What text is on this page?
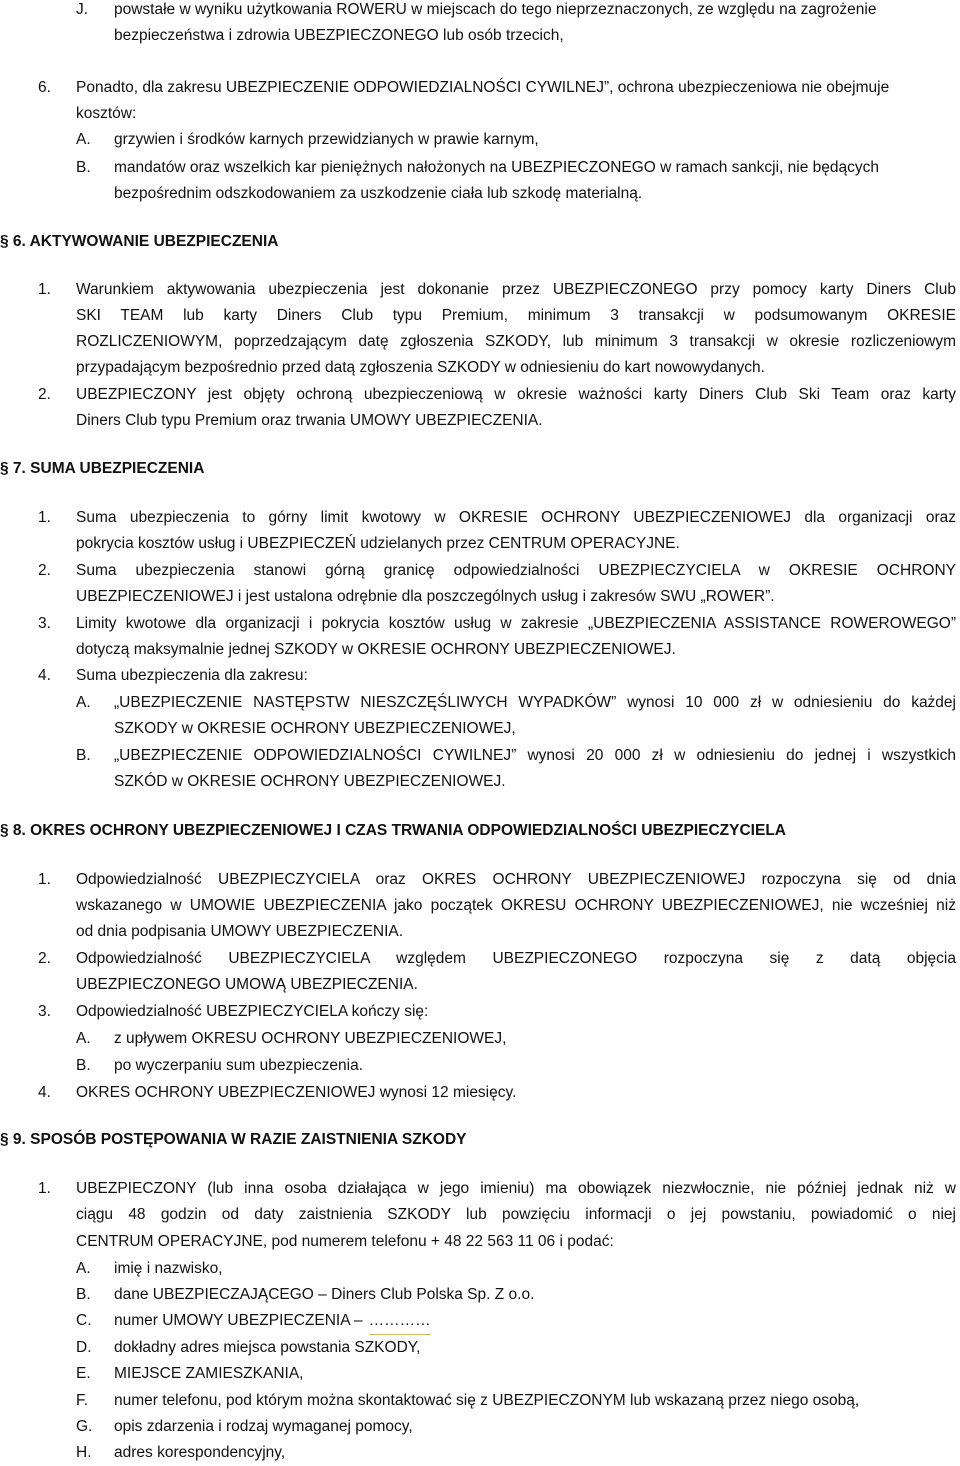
J.	powstałe w wyniku użytkowania ROWERU w miejscach do tego nieprzeznaczonych, ze względu na zagrożenie
bezpieczeństwa i zdrowia UBEZPIECZONEGO lub osób trzecich,
6.	Ponadto, dla zakresu UBEZPIECZENIE ODPOWIEDZIALNOŚCI CYWILNEJ”, ochrona ubezpieczeniowa nie obejmuje
kosztów:
A.	grzywien i środków karnych przewidzianych w prawie karnym,
B.	mandatów oraz wszelkich kar pieniężnych nałożonych na UBEZPIECZONEGO w ramach sankcji, nie będących
bezpośrednim odszkodowaniem za uszkodzenie ciała lub szkodę materialną.
§ 6. AKTYWOWANIE UBEZPIECZENIA
1.	Warunkiem aktywowania ubezpieczenia jest dokonanie przez UBEZPIECZONEGO przy pomocy karty Diners Club
SKI TEAM lub karty Diners Club typu Premium, minimum 3 transakcji w podsumowanym OKRESIE
ROZLICZENIOWYM, poprzedzającym datę zgłoszenia SZKODY, lub minimum 3 transakcji w okresie rozliczeniowym
przypadającym bezpośrednio przed datą zgłoszenia SZKODY w odniesieniu do kart nowowydanych.
2.	UBEZPIECZONY jest objęty ochroną ubezpieczeniową w okresie ważności karty Diners Club Ski Team oraz karty
Diners Club typu Premium oraz trwania UMOWY UBEZPIECZENIA.
§ 7. SUMA UBEZPIECZENIA
1.	Suma ubezpieczenia to górny limit kwotowy w OKRESIE OCHRONY UBEZPIECZENIOWEJ dla organizacji oraz
pokrycia kosztów usług i UBEZPIECZEŃ udzielanych przez CENTRUM OPERACYJNE.
2.	Suma ubezpieczenia stanowi górną granicę odpowiedzialności UBEZPIECZYCIELA w OKRESIE OCHRONY
UBEZPIECZENIOWEJ i jest ustalona odrębnie dla poszczególnych usług i zakresów SWU „ROWER”.
3.	Limity kwotowe dla organizacji i pokrycia kosztów usług w zakresie „UBEZPIECZENIA ASSISTANCE ROWEROWEGO”
dotyczą maksymalnie jednej SZKODY w OKRESIE OCHRONY UBEZPIECZENIOWEJ.
4.	Suma ubezpieczenia dla zakresu:
A.	„UBEZPIECZENIE NASTĘPSTW NIESZCZĘŚLIWYCH WYPADKÓW” wynosi 10 000 zł w odniesieniu do każdej
SZKODY w OKRESIE OCHRONY UBEZPIECZENIOWEJ,
B.	„UBEZPIECZENIE ODPOWIEDZIALNOŚCI CYWILNEJ” wynosi 20 000 zł w odniesieniu do jednej i wszystkich
SZKÓD w OKRESIE OCHRONY UBEZPIECZENIOWEJ.
§ 8. OKRES OCHRONY UBEZPIECZENIOWEJ I CZAS TRWANIA ODPOWIEDZIALNOŚCI UBEZPIECZYCIELA
1.	Odpowiedzialność UBEZPIECZYCIELA oraz OKRES OCHRONY UBEZPIECZENIOWEJ rozpoczyna się od dnia
wskazanego w UMOWIE UBEZPIECZENIA jako początek OKRESU OCHRONY UBEZPIECZENIOWEJ, nie wcześniej niż
od dnia podpisania UMOWY UBEZPIECZENIA.
2.	Odpowiedzialność UBEZPIECZYCIELA względem UBEZPIECZONEGO rozpoczyna się z datą objęcia
UBEZPIECZONEGO UMOWĄ UBEZPIECZENIA.
3.	Odpowiedzialność UBEZPIECZYCIELA kończy się:
A.	z upływem OKRESU OCHRONY UBEZPIECZENIOWEJ,
B.	po wyczerpaniu sum ubezpieczenia.
4.	OKRES OCHRONY UBEZPIECZENIOWEJ wynosi 12 miesięcy.
§ 9. SPOSÓB POSTĘPOWANIA W RAZIE ZAISTNIENIA SZKODY
1.	UBEZPIECZONY (lub inna osoba działająca w jego imieniu) ma obowiązek niezwłocznie, nie później jednak niż w
ciągu 48 godzin od daty zaistnienia SZKODY lub powzięciu informacji o jej powstaniu, powiadomić o niej
CENTRUM OPERACYJNE, pod numerem telefonu + 48 22 563 11 06 i podać:
A.	imię i nazwisko,
B.	dane UBEZPIECZAJĄCEGO – Diners Club Polska Sp. Z o.o.
C.	numer UMOWY UBEZPIECZENIA – …………
D.	dokładny adres miejsca powstania SZKODY,
E.	MIEJSCE ZAMIESZKANIA,
F.	numer telefonu, pod którym można skontaktować się z UBEZPIECZONYM lub wskazaną przez niego osobą,
G.	opis zdarzenia i rodzaj wymaganej pomocy,
H.	adres korespondencyjny,
